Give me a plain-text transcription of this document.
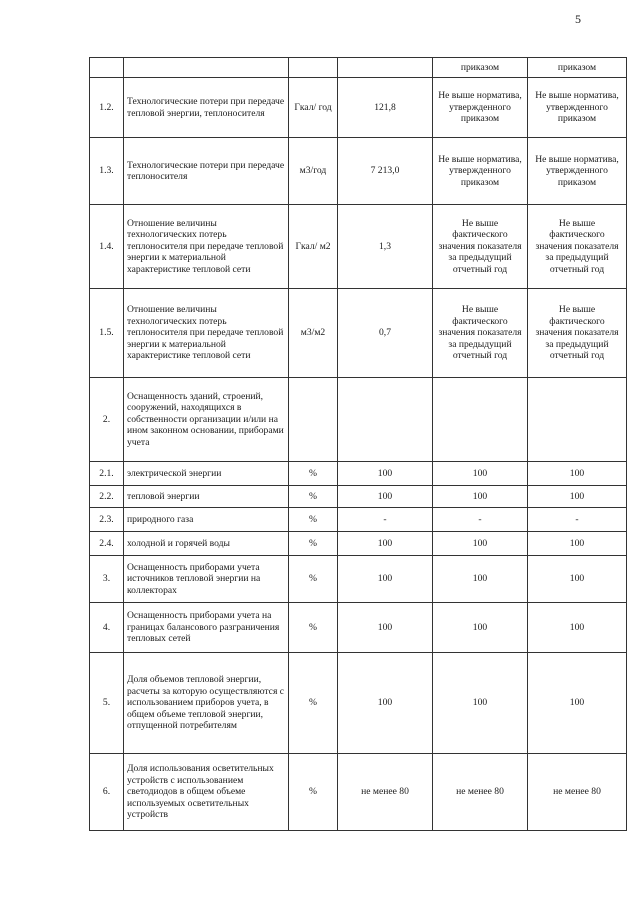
5
				приказом	приказом
1.2.	Технологические потери при передаче тепловой энергии, теплоносителя	Гкал/ год	121,8	Не выше норматива, утвержденного приказом	Не выше норматива, утвержденного приказом
1.3.	Технологические потери при передаче теплоносителя	м3/год	7 213,0	Не выше норматива, утвержденного приказом	Не выше норматива, утвержденного приказом
1.4.	Отношение величины технологических потерь теплоносителя при передаче тепловой энергии к материальной характеристике тепловой сети	Гкал/ м2	1,3	Не выше фактического значения показателя за предыдущий отчетный год	Не выше фактического значения показателя за предыдущий отчетный год
1.5.	Отношение величины технологических потерь теплоносителя при передаче тепловой энергии к материальной характеристике тепловой сети	м3/м2	0,7	Не выше фактического значения показателя за предыдущий отчетный год	Не выше фактического значения показателя за предыдущий отчетный год
2.	Оснащенность зданий, строений, сооружений, находящихся в собственности организации и/или на ином законном основании, приборами учета				
2.1.	электрической энергии	%	100	100	100
2.2.	тепловой энергии	%	100	100	100
2.3.	природного газа	%	-	-	-
2.4.	холодной и горячей воды	%	100	100	100
3.	Оснащенность приборами учета источников тепловой энергии на коллекторах	%	100	100	100
4.	Оснащенность приборами учета на границах балансового разграничения тепловых сетей	%	100	100	100
5.	Доля объемов тепловой энергии, расчеты за которую осуществляются с использованием приборов учета, в общем объеме тепловой энергии, отпущенной потребителям	%	100	100	100
6.	Доля использования осветительных устройств с использованием светодиодов в общем объеме используемых осветительных устройств	%	не менее 80	не менее 80	не менее 80
